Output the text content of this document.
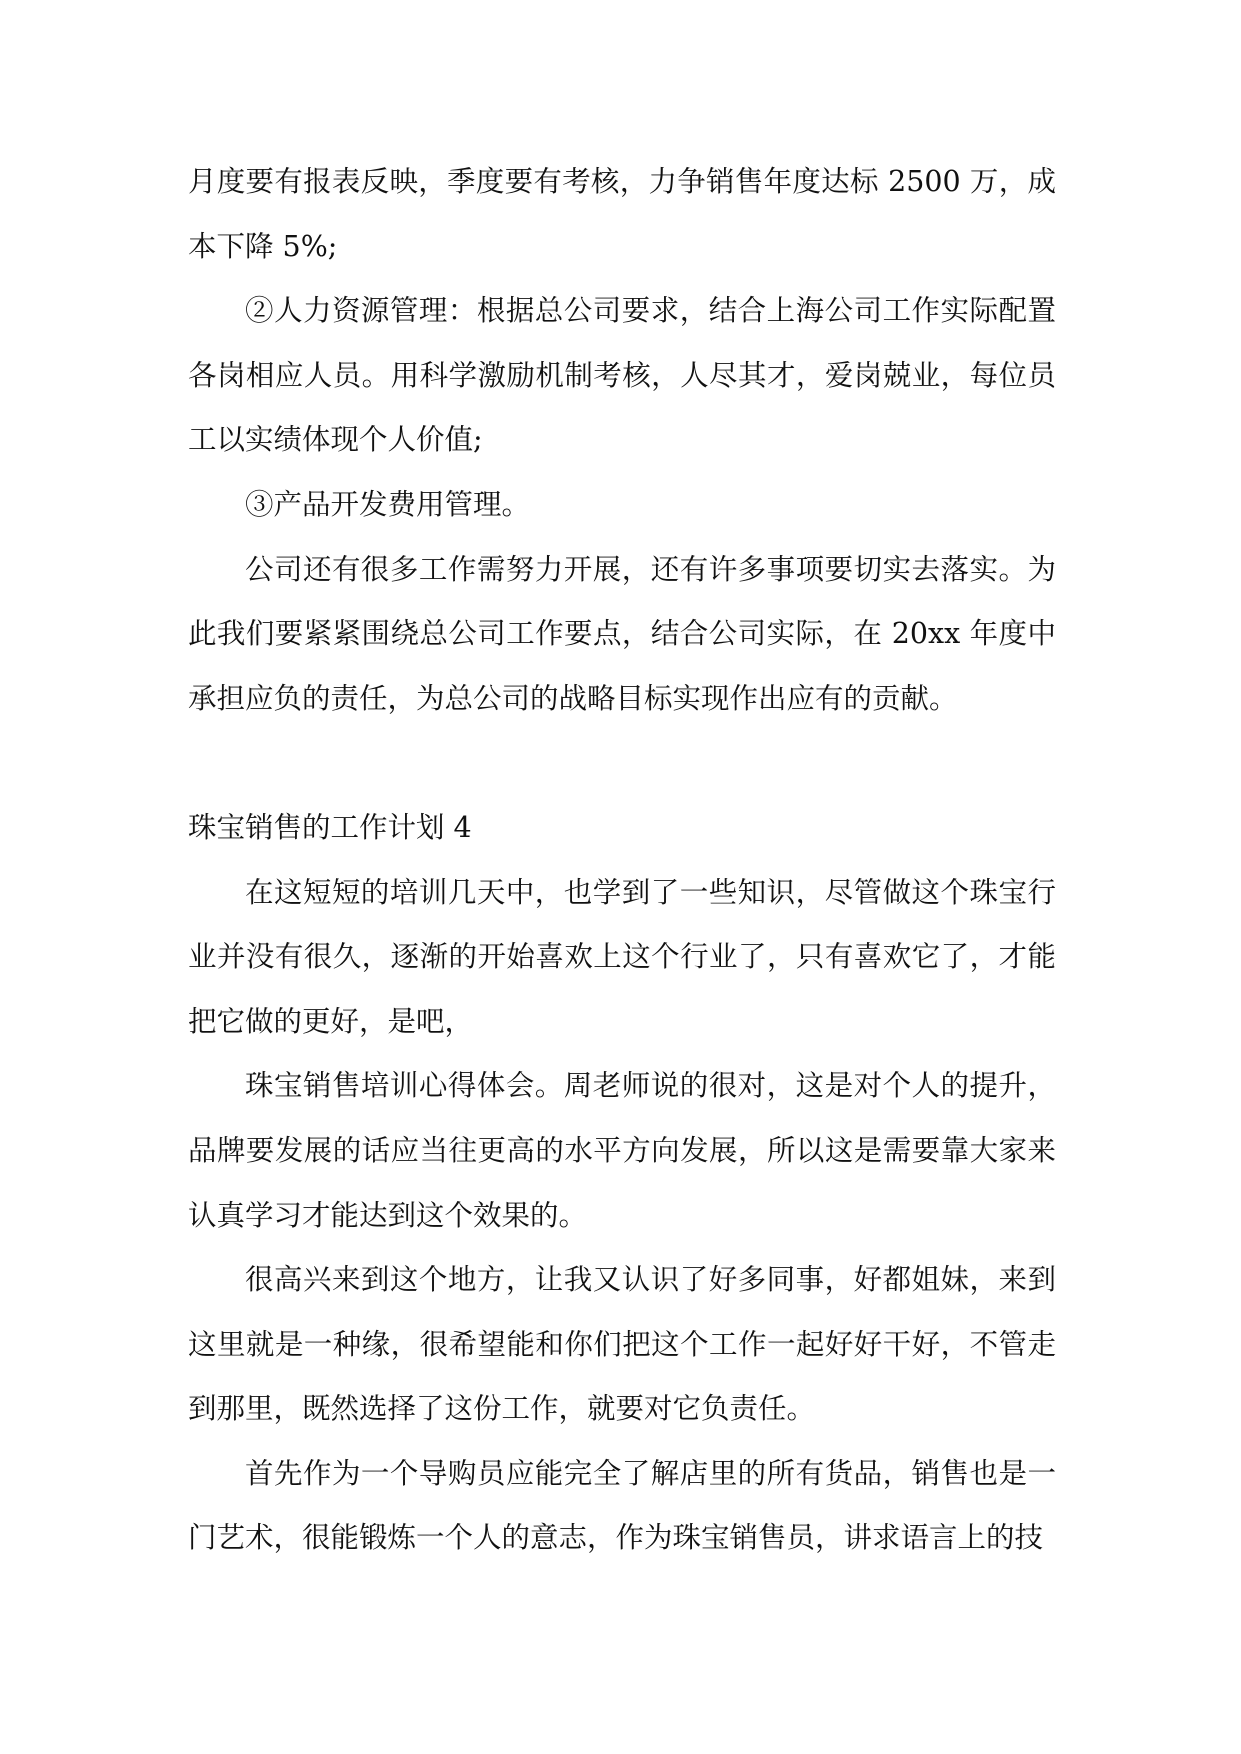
月度要有报表反映，季度要有考核，力争销售年度达标 2500 万，成本下降 5%;

②人力资源管理：根据总公司要求，结合上海公司工作实际配置各岗相应人员。用科学激励机制考核，人尽其才，爱岗兢业，每位员工以实绩体现个人价值;

③产品开发费用管理。

公司还有很多工作需努力开展，还有许多事项要切实去落实。为此我们要紧紧围绕总公司工作要点，结合公司实际，在 20xx 年度中承担应负的责任，为总公司的战略目标实现作出应有的贡献。

珠宝销售的工作计划 4

在这短短的培训几天中，也学到了一些知识，尽管做这个珠宝行业并没有很久，逐渐的开始喜欢上这个行业了，只有喜欢它了，才能把它做的更好，是吧，

珠宝销售培训心得体会。周老师说的很对，这是对个人的提升，品牌要发展的话应当往更高的水平方向发展，所以这是需要靠大家来认真学习才能达到这个效果的。

很高兴来到这个地方，让我又认识了好多同事，好都姐妹，来到这里就是一种缘，很希望能和你们把这个工作一起好好干好，不管走到那里，既然选择了这份工作，就要对它负责任。

首先作为一个导购员应能完全了解店里的所有货品，销售也是一门艺术，很能锻炼一个人的意志，作为珠宝销售员，讲求语言上的技
